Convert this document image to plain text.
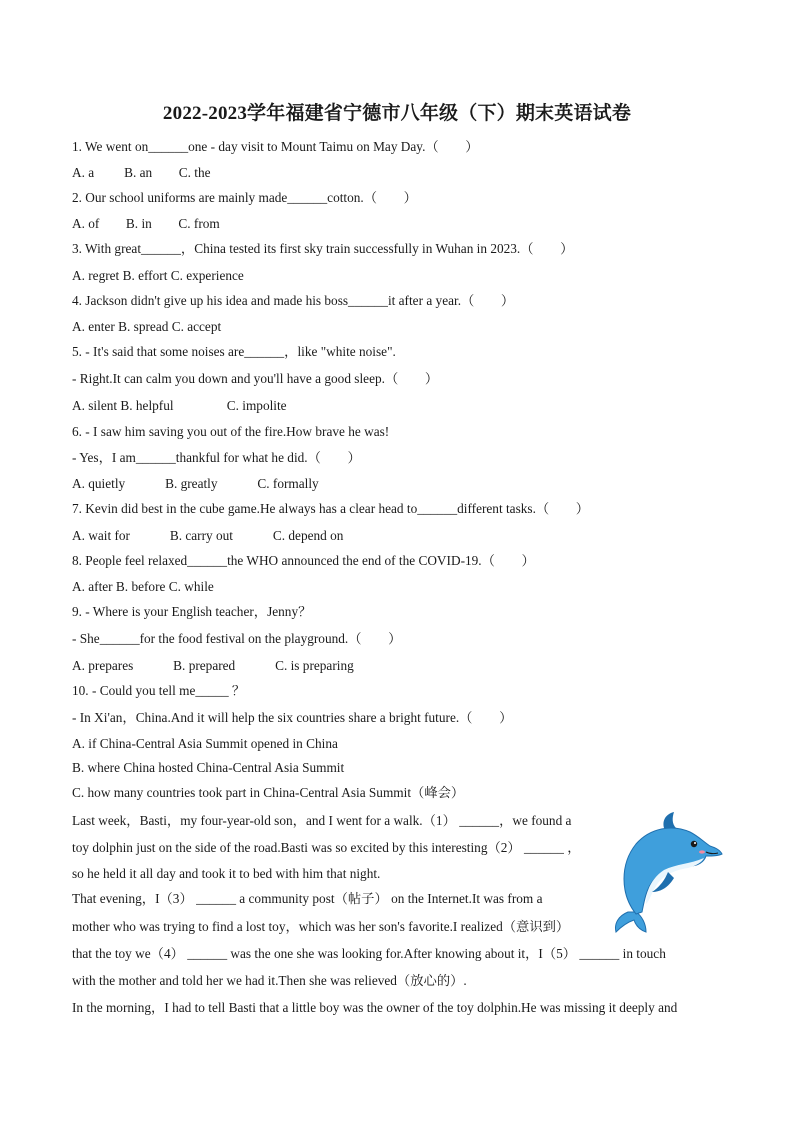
2022-2023学年福建省宁德市八年级（下）期末英语试卷
1. We went on______one - day visit to Mount Taimu on May Day.（　　）
A. a　　 B. an　　C. the
2. Our school uniforms are mainly made______cotton.（　　）
A. of　　B. in　　C. from
3. With great______，China tested its first sky train successfully in Wuhan in 2023.（　　）
A. regret B. effort C. experience
4. Jackson didn't give up his idea and made his boss______it after a year.（　　）
A. enter B. spread C. accept
5. - It's said that some noises are______，like "white noise".
- Right.It can calm you down and you'll have a good sleep.（　　）
A. silent B. helpful　　　　C. impolite
6. - I saw him saving you out of the fire.How brave he was!
- Yes，I am______thankful for what he did.（　　）
A. quietly　　　B. greatly　　　C. formally
7. Kevin did best in the cube game.He always has a clear head to______different tasks.（　　）
A. wait for　　　B. carry out　　　C. depend on
8. People feel relaxed______the WHO announced the end of the COVID-19.（　　）
A. after B. before C. while
9. - Where is your English teacher，Jenny？
- She______for the food festival on the playground.（　　）
A. prepares　　　B. prepared　　　C. is preparing
10. - Could you tell me_____ ？
- In Xi'an，China.And it will help the six countries share a bright future.（　　）
A. if China-Central Asia Summit opened in China
B. where China hosted China-Central Asia Summit
C. how many countries took part in China-Central Asia Summit（峰会）
Last week，Basti，my four-year-old son，and I went for a walk.（1） ______，we found a
toy dolphin just on the side of the road.Basti was so excited by this interesting（2） ______ ，
so he held it all day and took it to bed with him that night.
That evening，I（3） ______ a community post（帖子） on the Internet.It was from a
mother who was trying to find a lost toy，which was her son's favorite.I realized（意识到）
that the toy we（4） ______ was the one she was looking for.After knowing about it，I（5） ______ in touch
with the mother and told her we had it.Then she was relieved（放心的）.
In the morning，I had to tell Basti that a little boy was the owner of the toy dolphin.He was missing it deeply and
